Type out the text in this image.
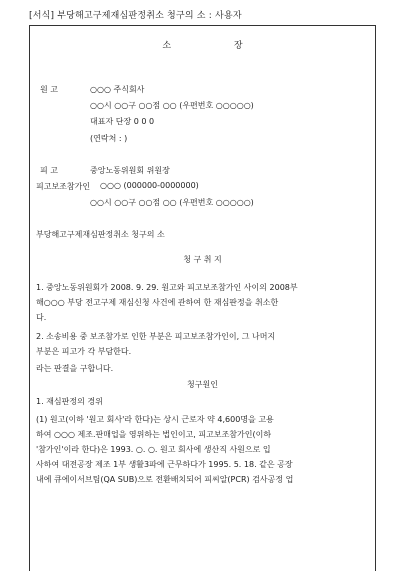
[서식] 부당해고구제재심판정취소 청구의 소 : 사용자
소 장
원 고	○○○ 주식회사
○○시 ○○구 ○○점 ○○ (우편번호 ○○○○○)
대표자 단장 0 0 0
(연락처 : )
피 고	중앙노동위원회 위원장
피고보조참가인 ○○○ (000000-0000000)
○○시 ○○구 ○○점 ○○ (우편번호 ○○○○○)
부당해고구제재심판정취소 청구의 소
청 구 취 지
1. 중앙노동위원회가 2008. 9. 29. 원고와 피고보조참가인 사이의 2008부
해○○○ 부당 전고구제 재심신청 사건에 관하여 한 재심판정을 취소한
다.
2. 소송비용 중 보조참가로 인한 부분은 피고보조참가인이, 그 나머지
부분은 피고가 각 부담한다.
라는 판결을 구합니다.
청구원인
1. 재심판정의 경위
(1) 원고(이하 '원고 회사'라 한다)는 상시 근로자 약 4,600명을 고용
하여 ○○○ 제조.판매업을 영위하는 법인이고, 피고보조참가인(이하
'참가인'이라 한다)은 1993. ○. ○. 원고 회사에 생산직 사원으로 입
사하여 대전공장 제조 1부 생활3파에 근무하다가 1995. 5. 18. 같은 공장
내에 큐에이서브팀(QA SUB)으로 전환배치되어 피씨알(PCR) 검사공정 업
